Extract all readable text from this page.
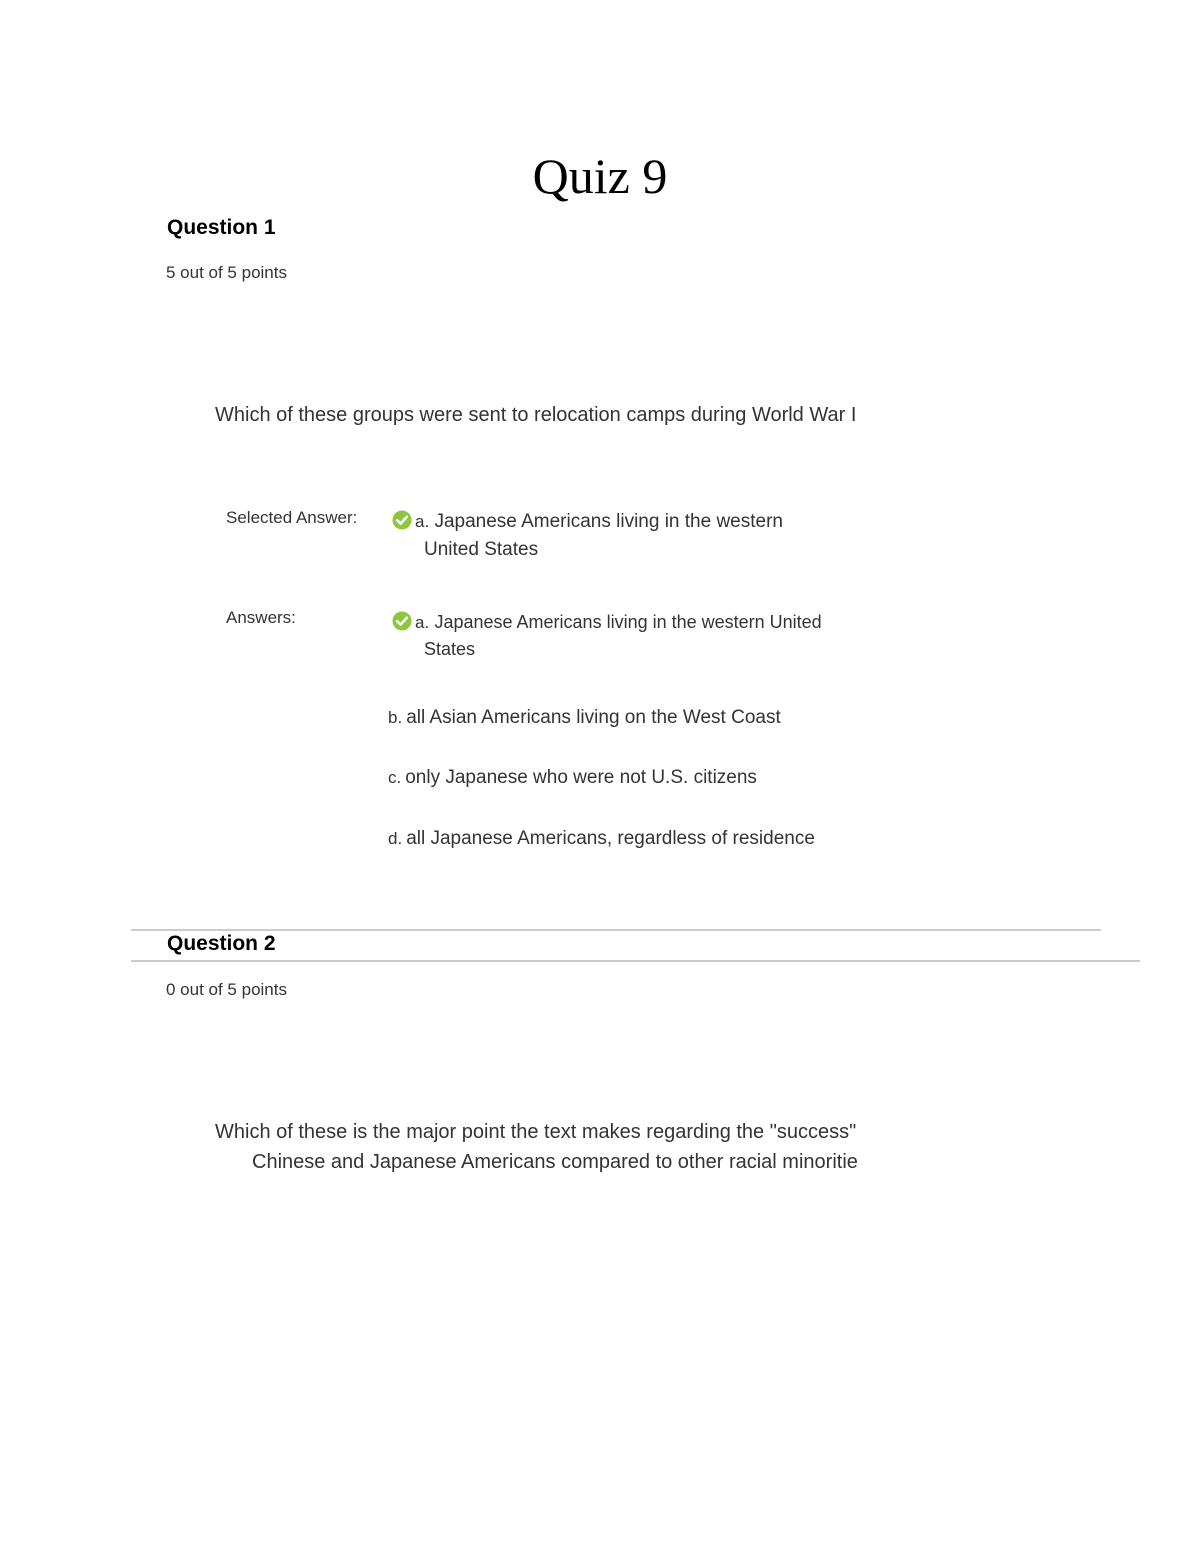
Quiz 9
Question 1
5 out of 5 points
Which of these groups were sent to relocation camps during World War I
Selected Answer:	a. Japanese Americans living in the western
United States
Answers:	a. Japanese Americans living in the western United
States
b. all Asian Americans living on the West Coast
c. only Japanese who were not U.S. citizens
d. all Japanese Americans, regardless of residence
Question 2
0 out of 5 points
Which of these is the major point the text makes regarding the "success"
Chinese and Japanese Americans compared to other racial minoritie
